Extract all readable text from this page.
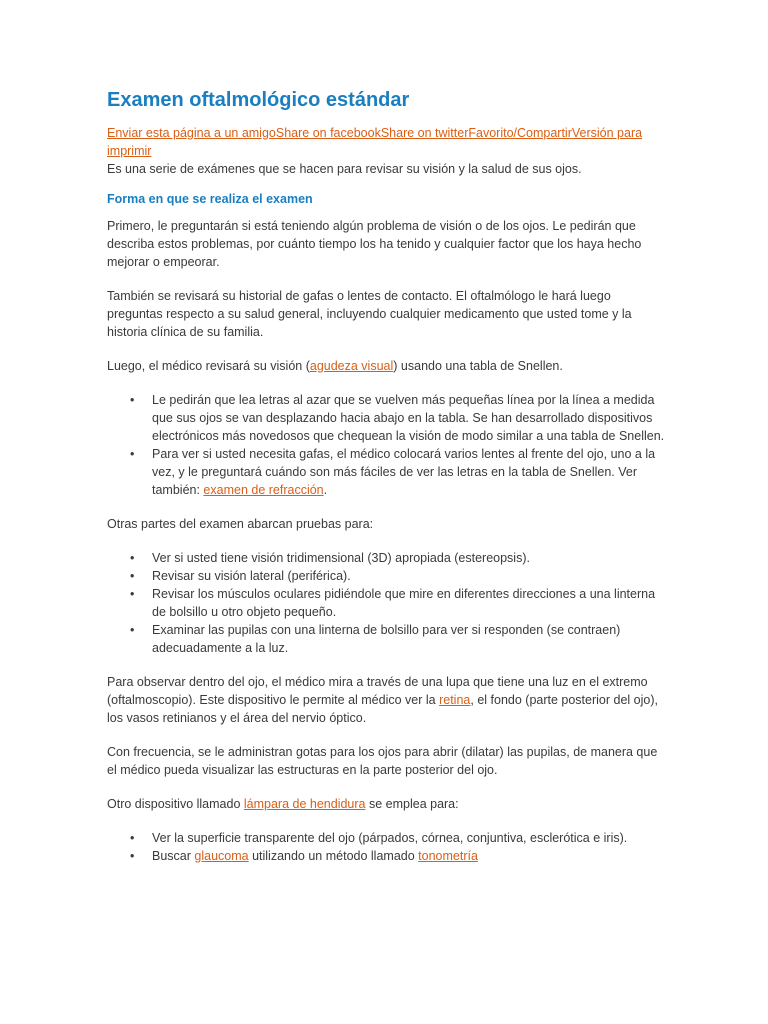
Examen oftalmológico estándar

Enviar esta página a un amigoShare on facebookShare on twitterFavorito/CompartirVersión para imprimir

Es una serie de exámenes que se hacen para revisar su visión y la salud de sus ojos.

Forma en que se realiza el examen

Primero, le preguntarán si está teniendo algún problema de visión o de los ojos. Le pedirán que describa estos problemas, por cuánto tiempo los ha tenido y cualquier factor que los haya hecho mejorar o empeorar.

También se revisará su historial de gafas o lentes de contacto. El oftalmólogo le hará luego preguntas respecto a su salud general, incluyendo cualquier medicamento que usted tome y la historia clínica de su familia.

Luego, el médico revisará su visión (agudeza visual) usando una tabla de Snellen.

• Le pedirán que lea letras al azar que se vuelven más pequeñas línea por la línea a medida que sus ojos se van desplazando hacia abajo en la tabla. Se han desarrollado dispositivos electrónicos más novedosos que chequean la visión de modo similar a una tabla de Snellen.
• Para ver si usted necesita gafas, el médico colocará varios lentes al frente del ojo, uno a la vez, y le preguntará cuándo son más fáciles de ver las letras en la tabla de Snellen. Ver también: examen de refracción.

Otras partes del examen abarcan pruebas para:

• Ver si usted tiene visión tridimensional (3D) apropiada (estereopsis).
• Revisar su visión lateral (periférica).
• Revisar los músculos oculares pidiéndole que mire en diferentes direcciones a una linterna de bolsillo u otro objeto pequeño.
• Examinar las pupilas con una linterna de bolsillo para ver si responden (se contraen) adecuadamente a la luz.

Para observar dentro del ojo, el médico mira a través de una lupa que tiene una luz en el extremo (oftalmoscopio). Este dispositivo le permite al médico ver la retina, el fondo (parte posterior del ojo), los vasos retinianos y el área del nervio óptico.

Con frecuencia, se le administran gotas para los ojos para abrir (dilatar) las pupilas, de manera que el médico pueda visualizar las estructuras en la parte posterior del ojo.

Otro dispositivo llamado lámpara de hendidura se emplea para:

• Ver la superficie transparente del ojo (párpados, córnea, conjuntiva, esclerótica e iris).
• Buscar glaucoma utilizando un método llamado tonometría
